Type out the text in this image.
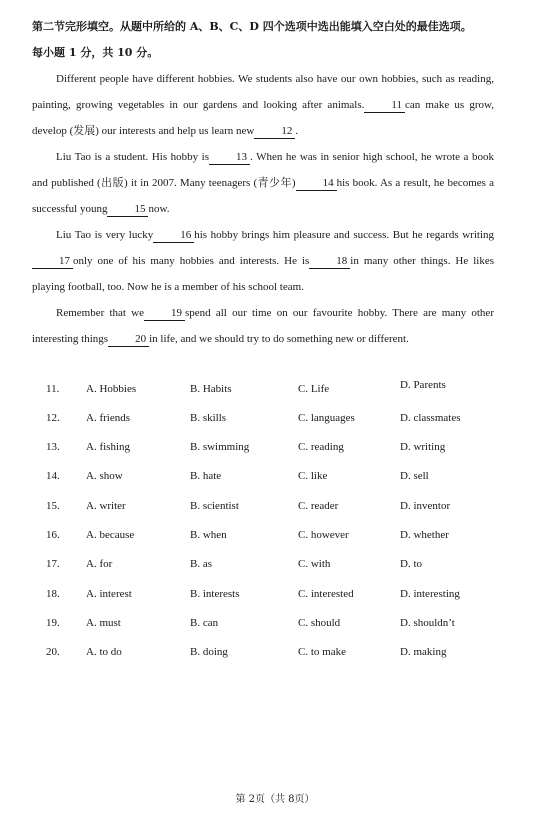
第二节完形填空。从题中所给的 A、B、C、D 四个选项中选出能填入空白处的最佳选项。
每小题 1 分，共 10 分。

Different people have different hobbies. We students also have our own hobbies, such as reading, painting, growing vegetables in our gardens and looking after animals. 11 can make us grow, develop (发展) our interests and help us learn new 12 .

Liu Tao is a student. His hobby is 13 . When he was in senior high school, he wrote a book and published (出版) it in 2007. Many teenagers (青少年) 14 his book. As a result, he becomes a successful young 15 now.

Liu Tao is very lucky 16 his hobby brings him pleasure and success. But he regards writing17 only one of his many hobbies and interests. He is 18 in many other things. He likes playing football, too. Now he is a member of his school team.

Remember that we 19 spend all our time on our favourite hobby. There are many other interesting things 20 in life, and we should try to do something new or different.

11. A. Hobbies	B. Habits	C. Life	D. Parents
12. A. friends	B. skills	C. languages	D. classmates
13. A. fishing	B. swimming	C. reading	D. writing
14. A. show	B. hate	C. like	D. sell
15. A. writer	B. scientist	C. reader	D. inventor
16. A. because	B. when	C. however	D. whether
17. A. for	B. as	C. with	D. to
18. A. interest	B. interests	C. interested	D. interesting
19. A. must	B. can	C. should	D. shouldn’t
20. A. to do	B. doing	C. to make	D. making
第 2页（共 8页）
